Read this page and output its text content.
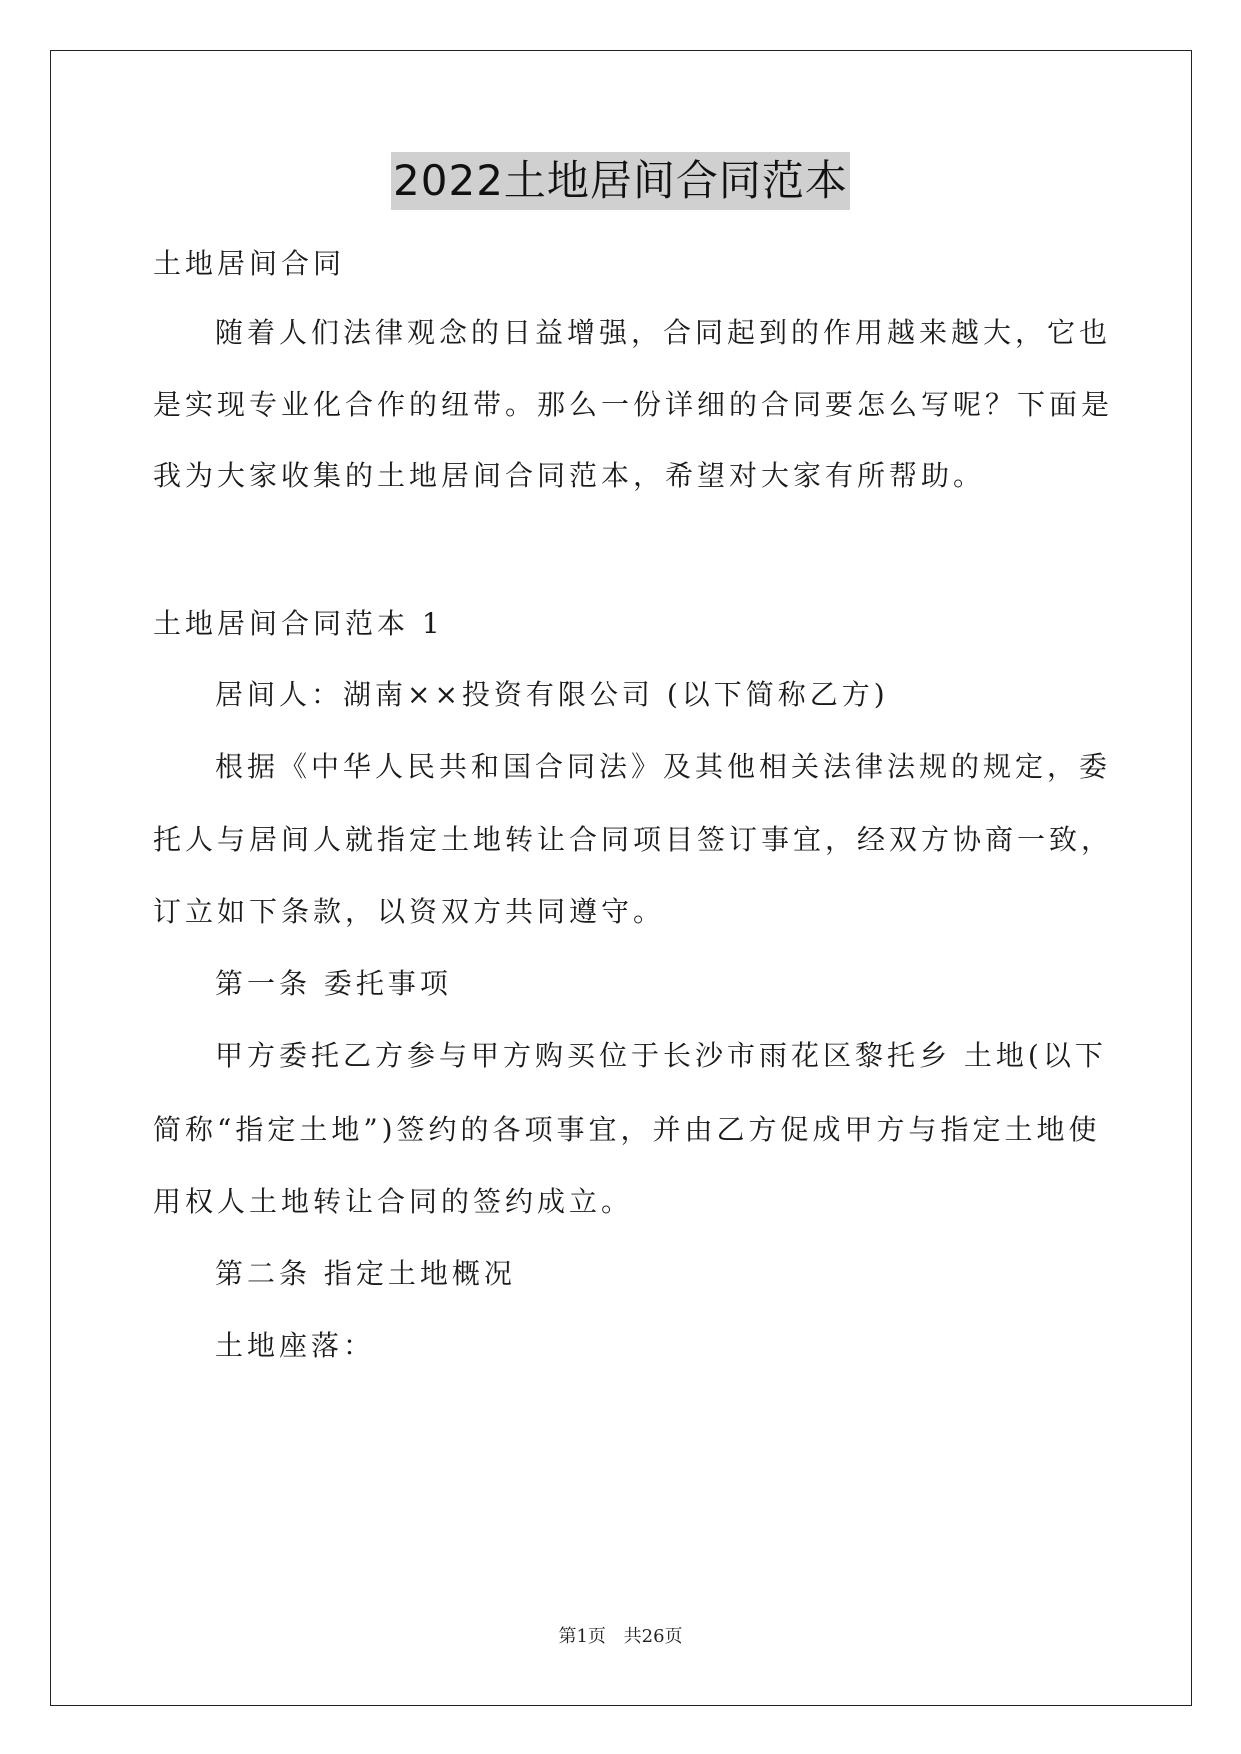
2022土地居间合同范本
土地居间合同
随着人们法律观念的日益增强，合同起到的作用越来越大，它也
是实现专业化合作的纽带。那么一份详细的合同要怎么写呢？下面是
我为大家收集的土地居间合同范本，希望对大家有所帮助。
土地居间合同范本 1
居间人：湖南××投资有限公司 (以下简称乙方)
根据《中华人民共和国合同法》及其他相关法律法规的规定，委
托人与居间人就指定土地转让合同项目签订事宜，经双方协商一致，
订立如下条款，以资双方共同遵守。
第一条 委托事项
甲方委托乙方参与甲方购买位于长沙市雨花区黎托乡 土地(以下
简称“指定土地”)签约的各项事宜，并由乙方促成甲方与指定土地使
用权人土地转让合同的签约成立。
第二条 指定土地概况
土地座落：
第1页 共26页
